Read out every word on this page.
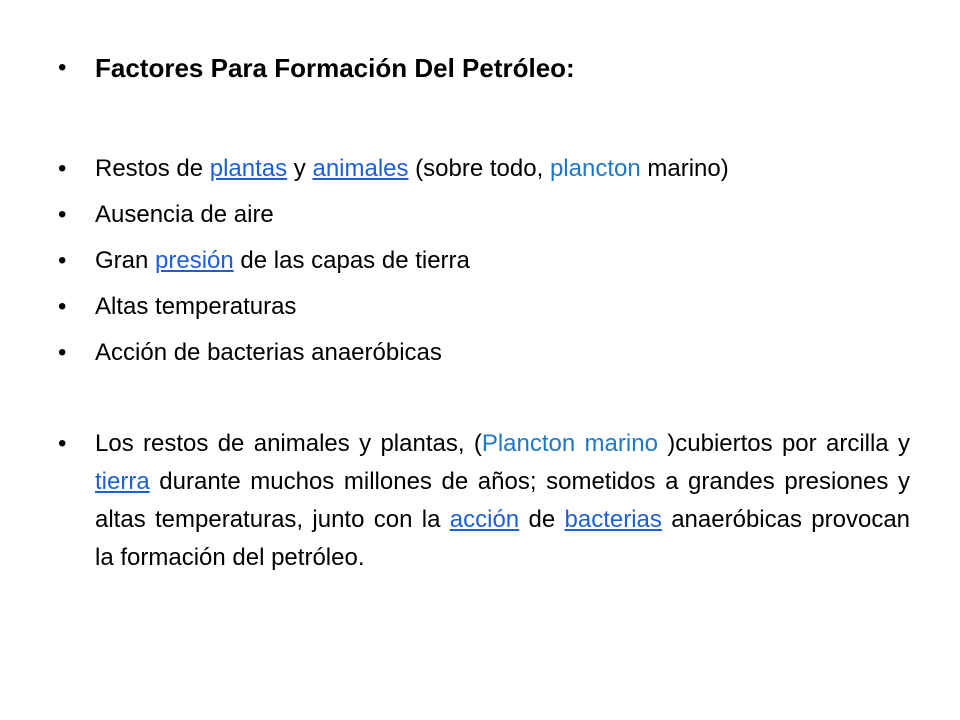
•	Factores Para Formación Del Petróleo:
•	Restos de plantas y animales (sobre todo, plancton marino)
•	Ausencia de aire
•	Gran presión de las capas de tierra
•	Altas temperaturas
•	Acción de bacterias anaeróbicas
•	Los restos de animales y plantas, (Plancton marino )cubiertos por arcilla y tierra durante muchos millones de años; sometidos a grandes presiones y altas temperaturas, junto con la acción de bacterias anaeróbicas provocan la formación del petróleo.
